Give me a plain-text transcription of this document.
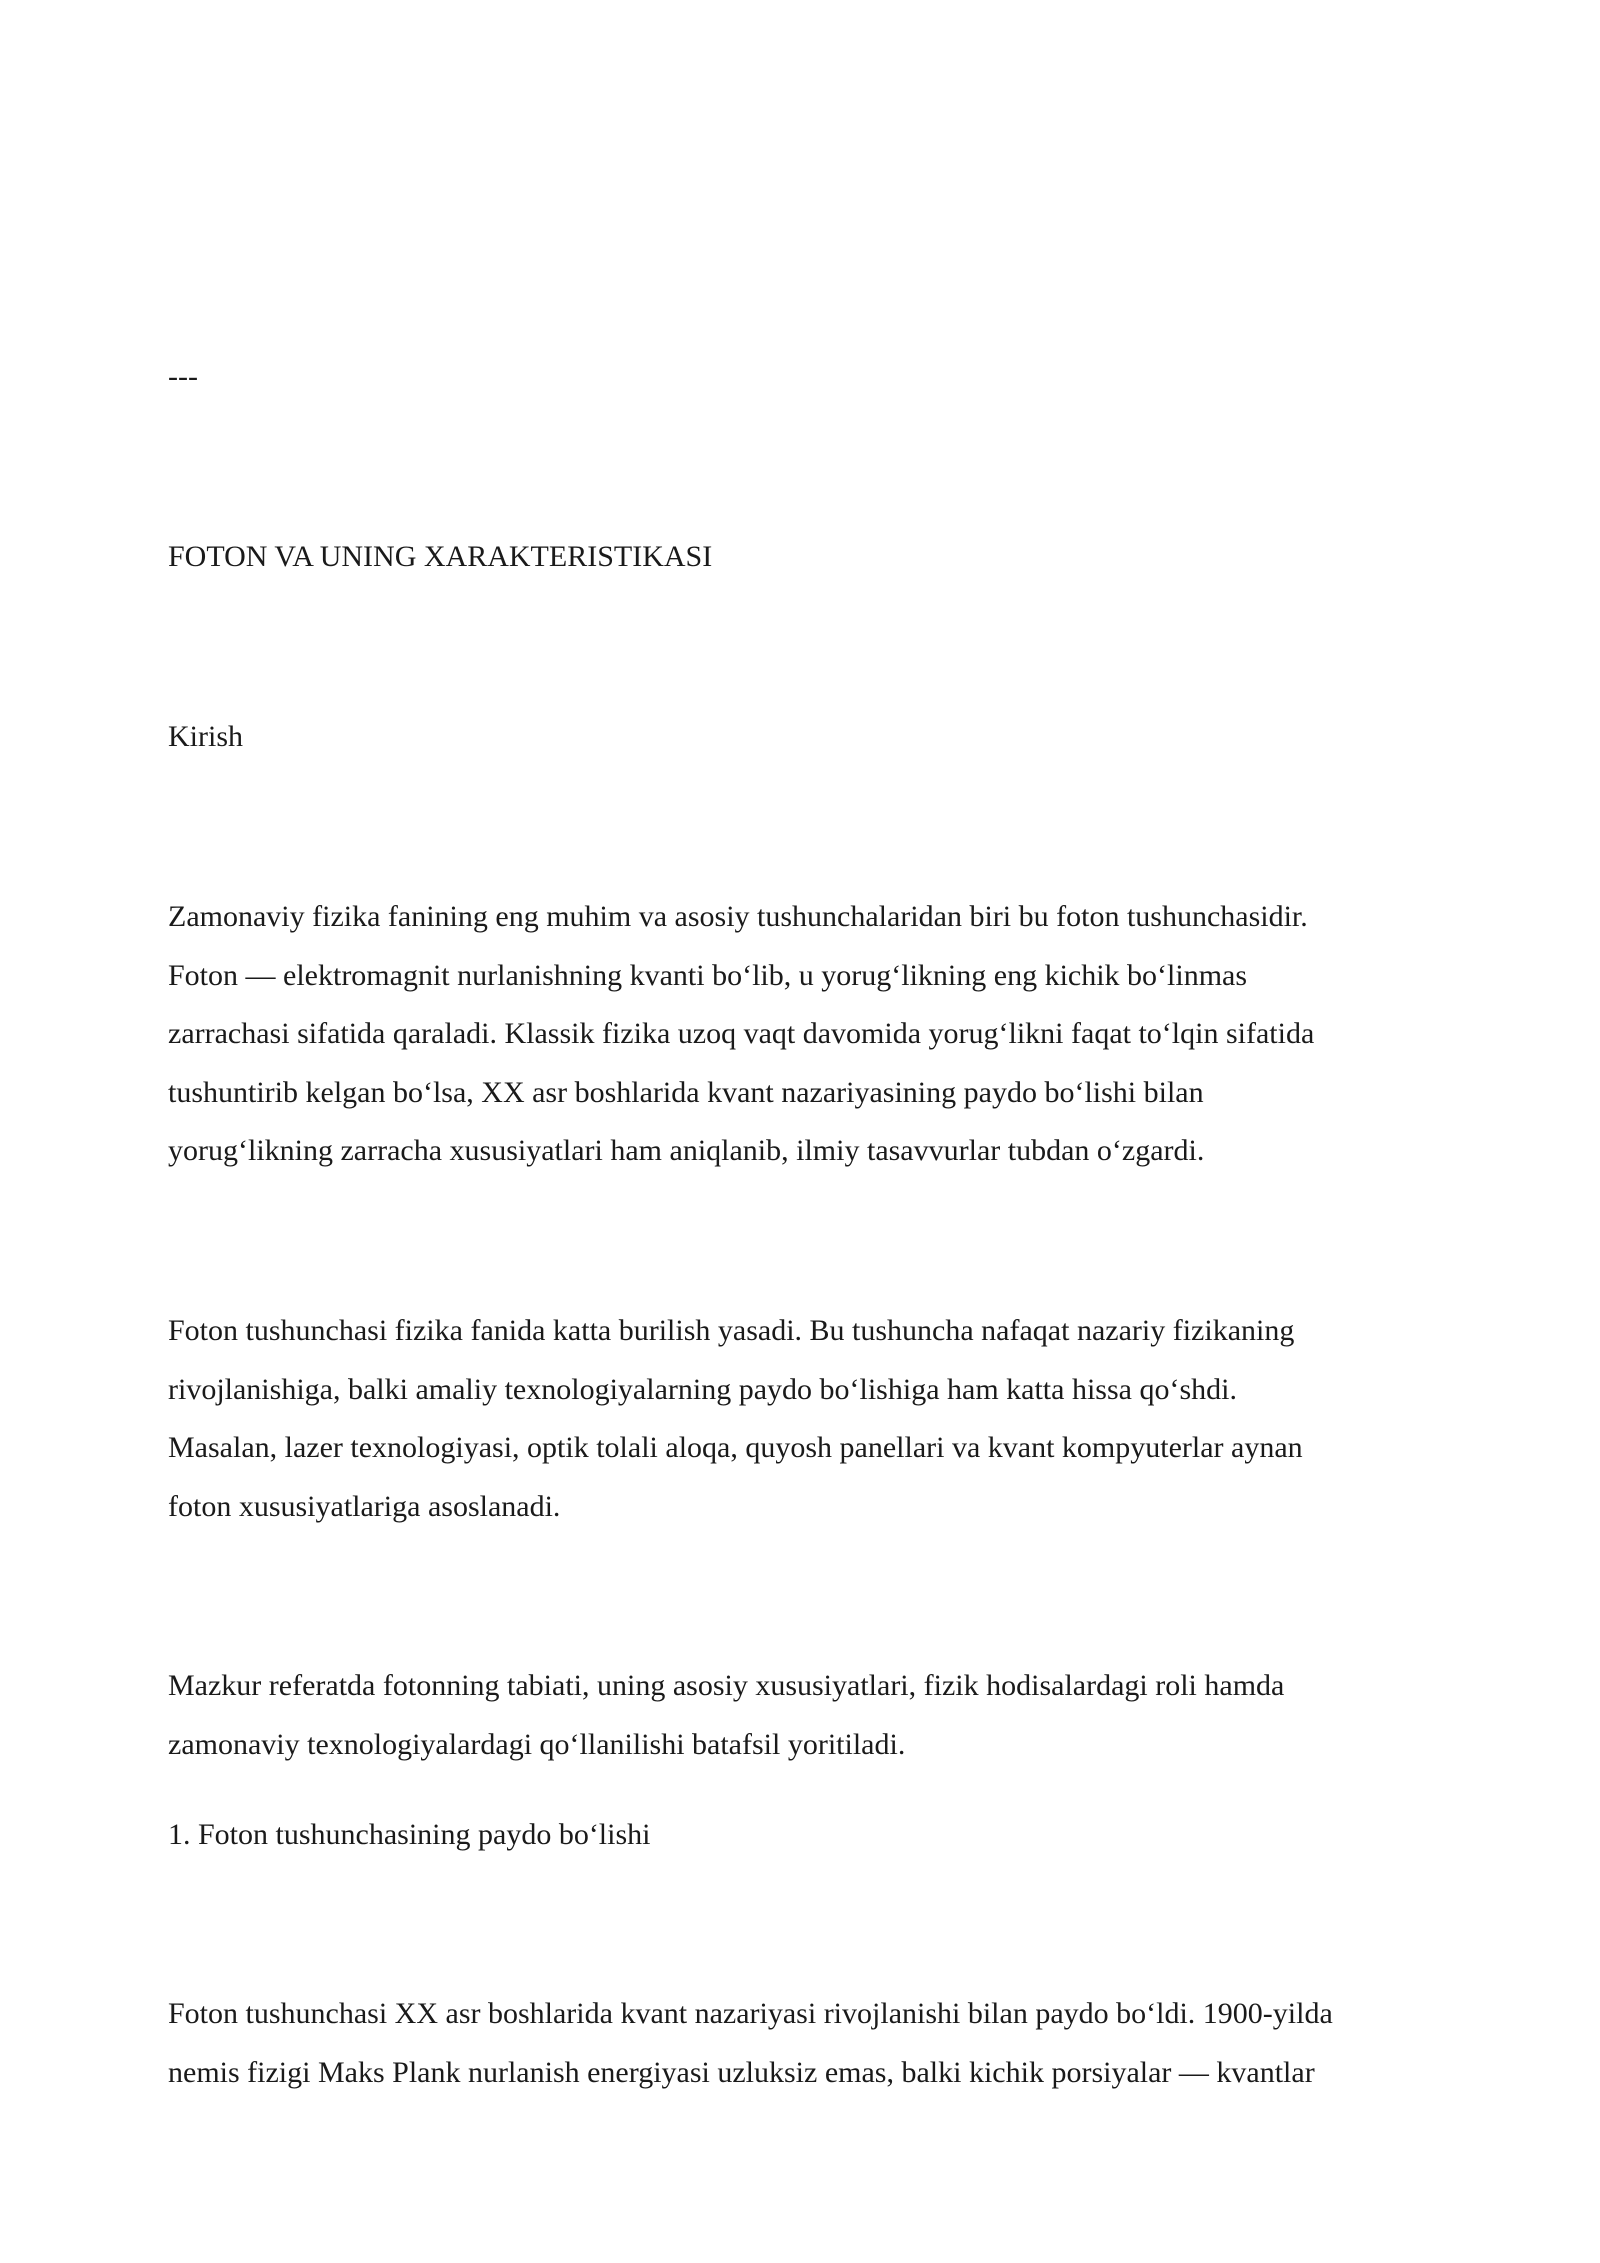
---

FOTON VA UNING XARAKTERISTIKASI
Kirish

Zamonaviy fizika fanining eng muhim va asosiy tushunchalaridan biri bu foton tushunchasidir.
Foton — elektromagnit nurlanishning kvanti bo‘lib, u yorug‘likning eng kichik bo‘linmas
zarrachasi sifatida qaraladi. Klassik fizika uzoq vaqt davomida yorug‘likni faqat to‘lqin sifatida
tushuntirib kelgan bo‘lsa, XX asr boshlarida kvant nazariyasining paydo bo‘lishi bilan
yorug‘likning zarracha xususiyatlari ham aniqlanib, ilmiy tasavvurlar tubdan o‘zgardi.

Foton tushunchasi fizika fanida katta burilish yasadi. Bu tushuncha nafaqat nazariy fizikaning
rivojlanishiga, balki amaliy texnologiyalarning paydo bo‘lishiga ham katta hissa qo‘shdi.
Masalan, lazer texnologiyasi, optik tolali aloqa, quyosh panellari va kvant kompyuterlar aynan
foton xususiyatlariga asoslanadi.

Mazkur referatda fotonning tabiati, uning asosiy xususiyatlari, fizik hodisalardagi roli hamda
zamonaviy texnologiyalardagi qo‘llanilishi batafsil yoritiladi.

1. Foton tushunchasining paydo bo‘lishi

Foton tushunchasi XX asr boshlarida kvant nazariyasi rivojlanishi bilan paydo bo‘ldi. 1900-yilda
nemis fizigi Maks Plank nurlanish energiyasi uzluksiz emas, balki kichik porsiyalar — kvantlar
